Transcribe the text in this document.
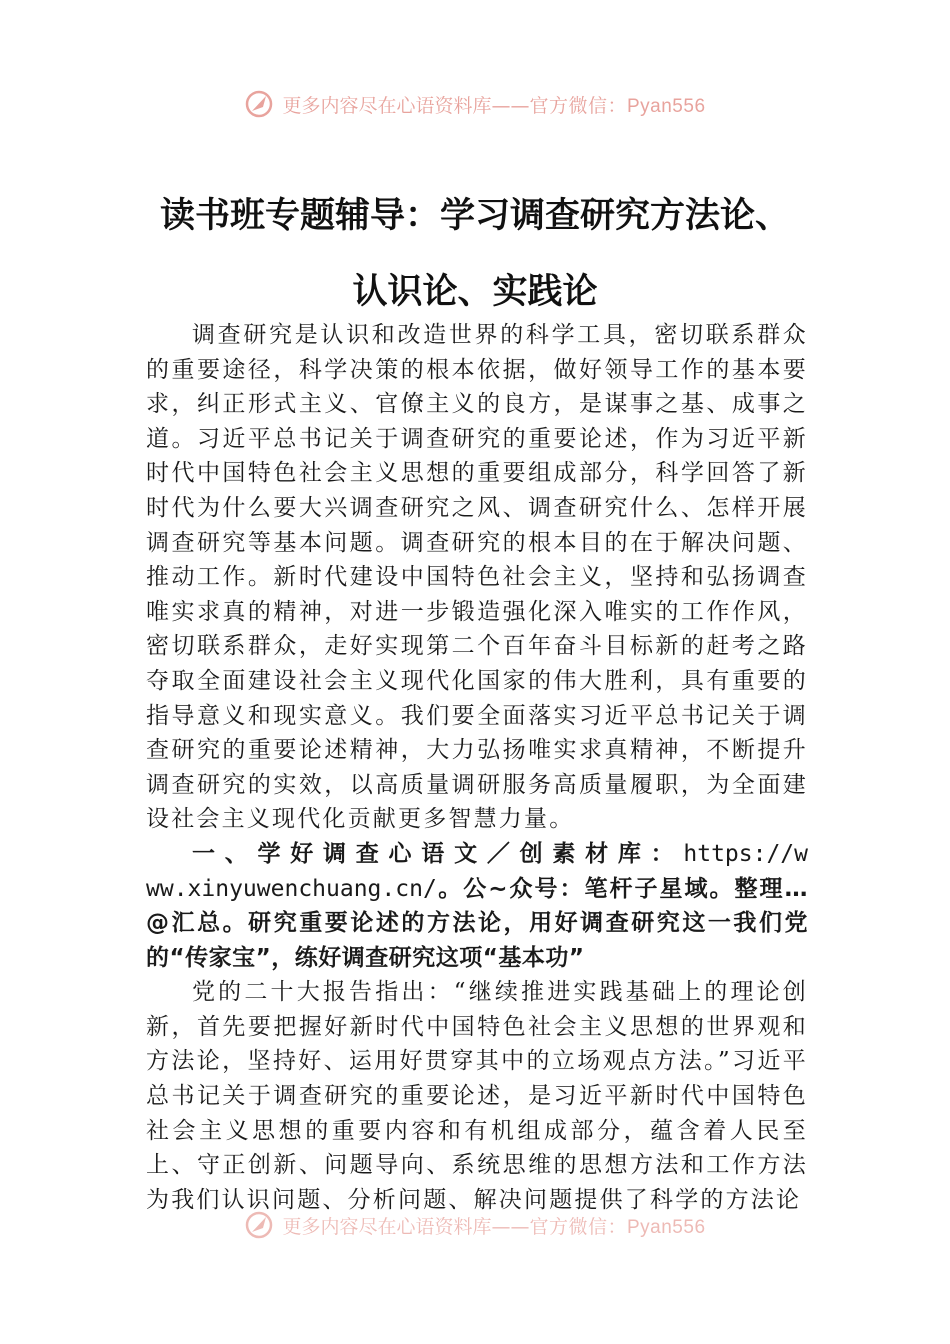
更多内容尽在心语资料库—— 官方微信：Pyan556
读书班专题辅导：学习调查研究方法论、
认识论、实践论

调查研究是认识和改造世界的科学工具，密切联系群众的重要途径，科学决策的根本依据，做好领导工作的基本要求，纠正形式主义、官僚主义的良方，是谋事之基、成事之道。习近平总书记关于调查研究的重要论述，作为习近平新时代中国特色社会主义思想的重要组成部分，科学回答了新时代为什么要大兴调查研究之风、调查研究什么、怎样开展调查研究等基本问题。调查研究的根本目的在于解决问题、推动工作。新时代建设中国特色社会主义，坚持和弘扬调查唯实求真的精神，对进一步锻造强化深入唯实的工作作风，密切联系群众，走好实现第二个百年奋斗目标新的赶考之路夺取全面建设社会主义现代化国家的伟大胜利，具有重要的指导意义和现实意义。我们要全面落实习近平总书记关于调查研究的重要论述精神，大力弘扬唯实求真精神，不断提升调查研究的实效，以高质量调研服务高质量履职，为全面建设社会主义现代化贡献更多智慧力量。

一、学好调查心语文／创素材库：https://www.xinyuwenchuang.cn/。公~众号：笔杆子星域。整理…@汇总。研究重要论述的方法论，用好调查研究这一我们党的“传家宝”，练好调查研究这项“基本功”

党的二十大报告指出：“继续推进实践基础上的理论创新，首先要把握好新时代中国特色社会主义思想的世界观和方法论，坚持好、运用好贯穿其中的立场观点方法。”习近平总书记关于调查研究的重要论述，是习近平新时代中国特色社会主义思想的重要内容和有机组成部分，蕴含着人民至上、守正创新、问题导向、系统思维的思想方法和工作方法为我们认识问题、分析问题、解决问题提供了科学的方法论

更多内容尽在心语资料库—— 官方微信：Pyan556
